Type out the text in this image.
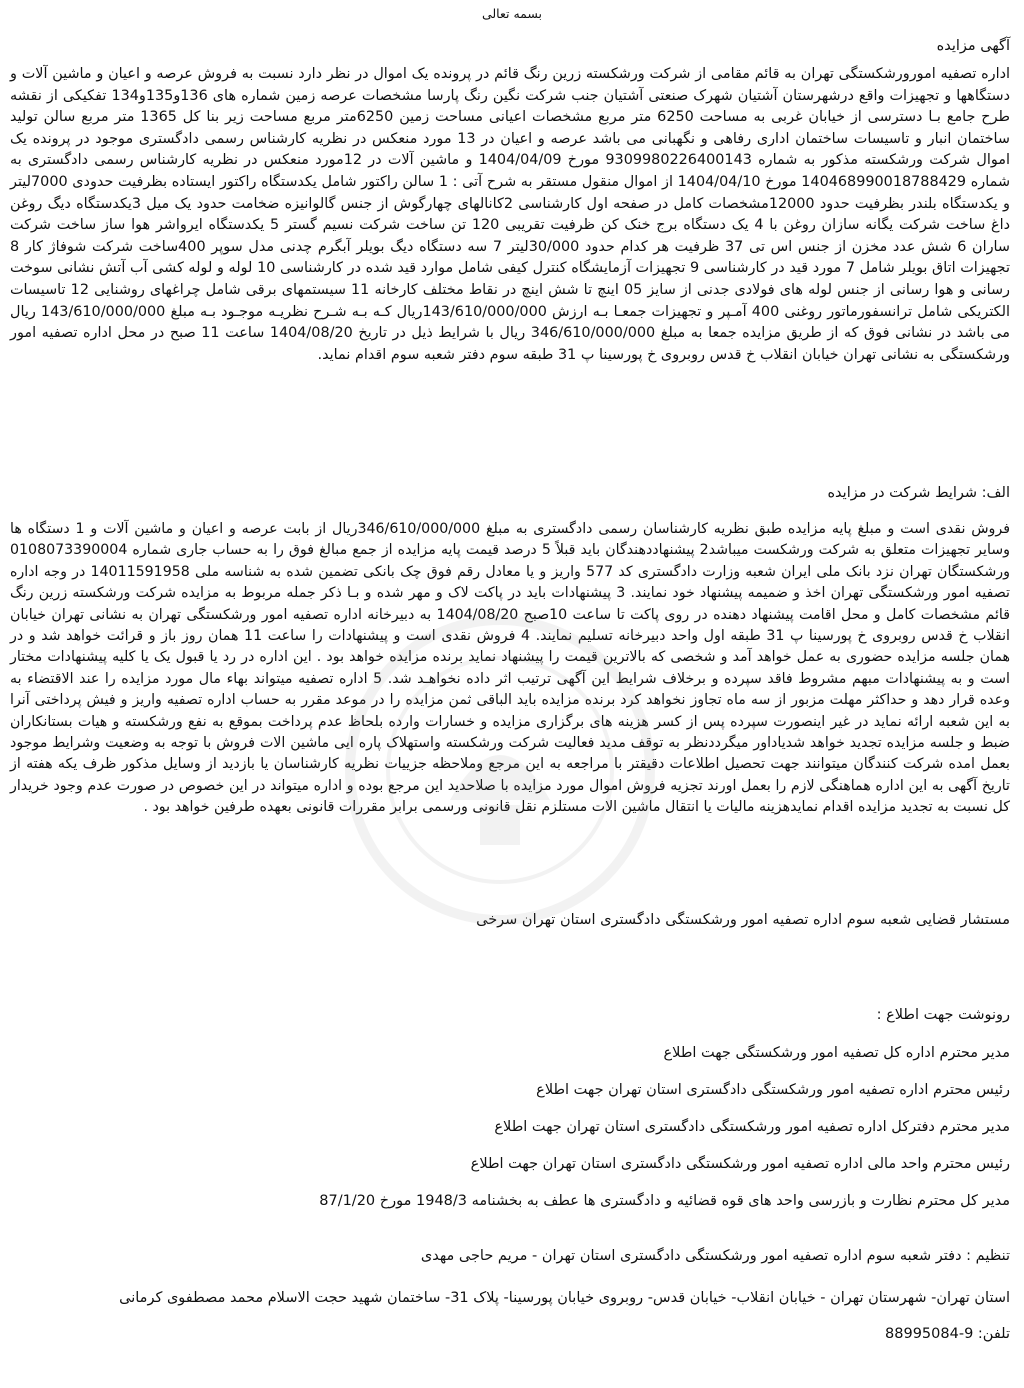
بسمه تعالی
آگهی مزایده
اداره تصفیه امورورشکستگی تهران به قائم مقامی از شرکت ورشکسته زرین رنگ قائم در پرونده یک اموال در نظر دارد نسبت به فروش عرصه و اعیان و ماشین آلات و دستگاهها و تجهیزات واقع درشهرستان آشتیان شهرک صنعتی آشتیان جنب شرکت نگین رنگ پارسا مشخصات عرصه زمین شماره های 136و135و134 تفکیکی از نقشه طرح جامع بـا دسترسی از خیابان غربی به مساحت 6250 متر مربع مشخصات اعیانی مساحت زمین 6250متر مربع مساحت زیر بنا کل 1365 متر مربع سالن تولید ساختمان انبار و تاسیسات ساختمان اداری رفاهی و نگهبانی می باشد عرصه و اعیان در 13 مورد منعکس در نظریه کارشناس رسمی دادگستری موجود در پرونده یک اموال شرکت ورشکسته مذکور به شماره 9309980226400143 مورخ 1404/04/09 و ماشین آلات در 12مورد منعکس در نظریه کارشناس رسمی دادگستری به شماره 140468990018788429 مورخ 1404/04/10 از اموال منقول مستقر به شرح آتی : 1 سالن راکتور شامل یکدستگاه راکتور ایستاده بظرفیت حدودی 7000لیتر و یکدستگاه بلندر بظرفیت حدود 12000مشخصات کامل در صفحه اول کارشناسی 2کانالهای چهارگوش از جنس گالوانیزه ضخامت حدود یک میل 3یکدستگاه دیگ روغن داغ ساخت شرکت یگانه سازان روغن با 4 یک دستگاه برج خنک کن ظرفیت تقریبی 120 تن ساخت شرکت نسیم گستر 5 یکدستگاه ایرواشر هوا ساز ساخت شرکت ساران 6 شش عدد مخزن از جنس اس تی 37 ظرفیت هر کدام حدود 30/000لیتر 7 سه دستگاه دیگ بویلر آبگرم چدنی مدل سوپر 400ساخت شرکت شوفاژ کار 8 تجهیزات اتاق بویلر شامل 7 مورد قید در کارشناسی 9 تجهیزات آزمایشگاه کنترل کیفی شامل موارد قید شده در کارشناسی 10 لوله و لوله کشی آب آتش نشانی سوخت رسانی و هوا رسانی از جنس لوله های فولادی جدنی از سایز 05 اینچ تا شش اینچ در نقاط مختلف کارخانه 11 سیستمهای برقی شامل چراغهای روشنایی 12 تاسیسات الکتریکی شامل ترانسفورماتور روغنی 400 آمـپر و تجهیزات جمعـا بـه ارزش 143/610/000/000ریال کـه بـه شـرح نظریـه موجـود بـه مبلغ 143/610/000/000 ریال می باشد در نشانی فوق که از طریق مزایده جمعا به مبلغ 346/610/000/000 ریال با شرایط ذیل در تاریخ 1404/08/20 ساعت 11 صبح در محل اداره تصفیه امور ورشکستگی به نشانی تهران خیابان انقلاب خ قدس روبروی خ پورسینا پ 31 طبقه سوم دفتر شعبه سوم اقدام نماید.
الف: شرایط شرکت در مزایده
فروش نقدی است و مبلغ پایه مزایده طبق نظریه کارشناسان رسمی دادگستری به مبلغ 346/610/000/000ریال از بابت عرصه و اعیان و ماشین آلات و 1 دستگاه ها وسایر تجهیزات متعلق به شرکت ورشکست میباشد2 پیشنهاددهندگان باید قبلاً 5 درصد قیمت پایه مزایده از جمع مبالغ فوق را به حساب جاری شماره 0108073390004 ورشکستگان تهران نزد بانک ملی ایران شعبه وزارت دادگستری کد 577 واریز و یا معادل رقم فوق چک بانکی تضمین شده به شناسه ملی 14011591958 در وجه اداره تصفیه امور ورشکستگی تهران اخذ و ضمیمه پیشنهاد خود نمایند. 3 پیشنهادات باید در پاکت لاک و مهر شده و بـا ذکر جمله مربوط به مزایده شرکت ورشکسته زرین رنگ قائم مشخصات کامل و محل اقامت پیشنهاد دهنده در روی پاکت تا ساعت 10صبح 1404/08/20 به دبیرخانه اداره تصفیه امور ورشکستگی تهران به نشانی تهران خیابان انقلاب خ قدس روبروی خ پورسینا پ 31 طبقه اول واحد دبیرخانه تسلیم نمایند. 4 فروش نقدی است و پیشنهادات را ساعت 11 همان روز باز و قرائت خواهد شد و در همان جلسه مزایده حضوری به عمل خواهد آمد و شخصی که بالاترین قیمت را پیشنهاد نماید برنده مزایده خواهد بود . این اداره در رد یا قبول یک یا کلیه پیشنهادات مختار است و به پیشنهادات مبهم مشروط فاقد سپرده و برخلاف شرایط این آگهی ترتیب اثر داده نخواهـد شد. 5 اداره تصفیه میتواند بهاء مال مورد مزایده را عند الاقتضاء به وعده قرار دهد و حداکثر مهلت مزبور از سه ماه تجاوز نخواهد کرد برنده مزایده باید الباقی ثمن مزایده را در موعد مقرر به حساب اداره تصفیه واریز و فیش پرداختی آنرا به این شعبه ارائه نماید در غیر اینصورت سپرده پس از کسر هزینه های برگزاری مزایده و خسارات وارده بلحاظ عدم پرداخت بموقع به نفع ورشکسته و هیات بستانکاران ضبط و جلسه مزایده تجدید خواهد شدیاداور میگرددنظر به توقف مدید فعالیت شرکت ورشکسته واستهلاک پاره ایی ماشین الات فروش با توجه به وضعیت وشرایط موجود بعمل امده شرکت کنندگان میتوانند جهت تحصیل اطلاعات دقیقتر با مراجعه به این مرجع وملاحظه جزییات نظریه کارشناسان یا بازدید از وسایل مذکور ظرف یکه هفته از تاریخ آگهی به این اداره هماهنگی لازم را بعمل اورند تجزیه فروش اموال مورد مزایده با صلاحدید این مرجع بوده و اداره میتواند در این خصوص در صورت عدم وجود خریدار کل نسبت به تجدید مزایده اقدام نمایدهزینه مالیات یا انتقال ماشین الات مستلزم نقل قانونی ورسمی برابر مقررات قانونی بعهده طرفین خواهد بود .
مستشار قضایی شعبه سوم اداره تصفیه امور ورشکستگی دادگستری استان تهران سرخی
رونوشت جهت اطلاع :
مدیر محترم اداره کل تصفیه امور ورشکستگی جهت اطلاع
رئیس محترم اداره تصفیه امور ورشکستگی دادگستری استان تهران جهت اطلاع
مدیر محترم دفترکل اداره تصفیه امور ورشکستگی دادگستری استان تهران جهت اطلاع
رئیس محترم واحد مالی اداره تصفیه امور ورشکستگی دادگستری استان تهران جهت اطلاع
مدیر کل محترم نظارت و بازرسی واحد های قوه قضائیه و دادگستری ها عطف به بخشنامه 1948/3 مورخ 87/1/20
تنظیم : دفتر شعبه سوم اداره تصفیه امور ورشکستگی دادگستری استان تهران - مریم حاجی مهدی
استان تهران- شهرستان تهران - خیابان انقلاب- خیابان قدس- روبروی خیابان پورسینا- پلاک 31- ساختمان شهید حجت الاسلام محمد مصطفوی کرمانی
تلفن: 9-88995084
